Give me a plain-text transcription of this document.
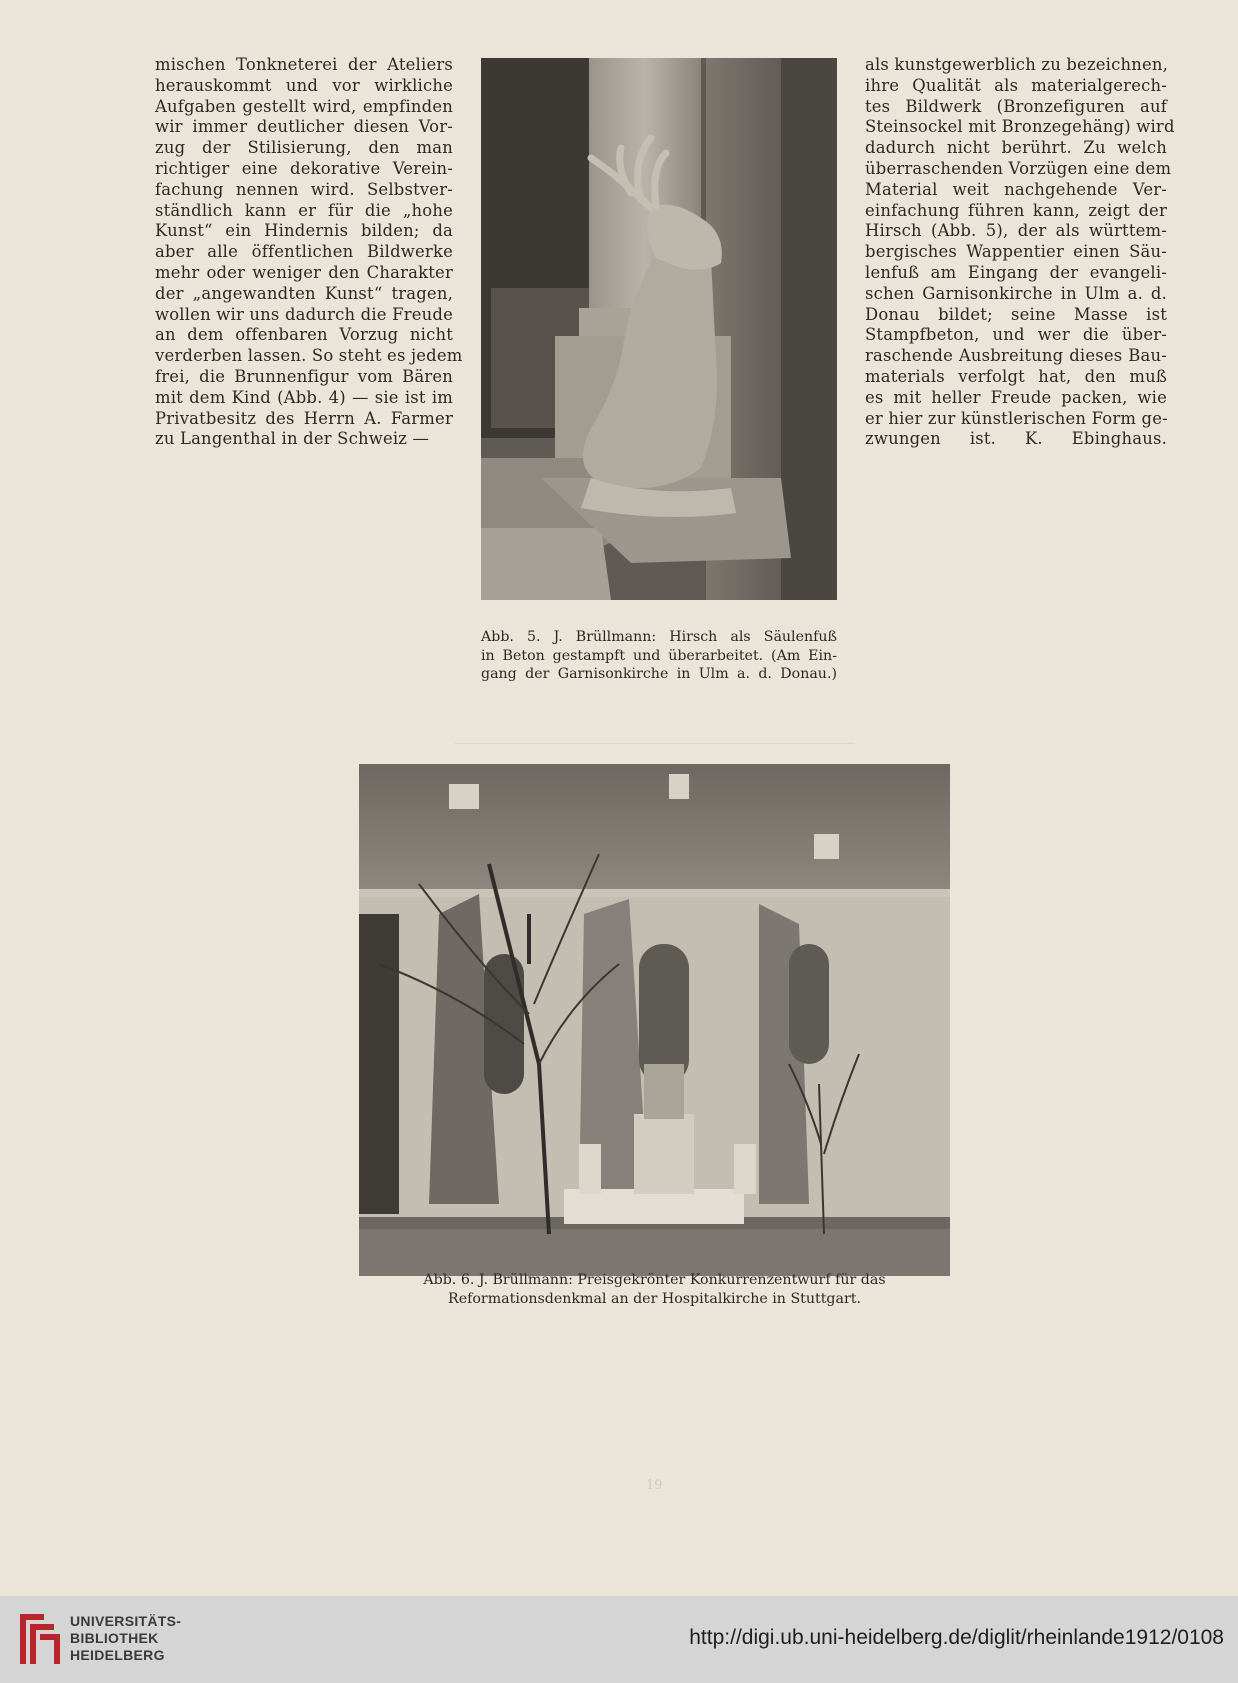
mischen Tonkneterei der Ateliers
herauskommt und vor wirkliche
Aufgaben gestellt wird, empfinden
wir immer deutlicher diesen Vor-
zug der Stilisierung, den man
richtiger eine dekorative Verein-
fachung nennen wird. Selbstver-
ständlich kann er für die „hohe
Kunst“ ein Hindernis bilden; da
aber alle öffentlichen Bildwerke
mehr oder weniger den Charakter
der „angewandten Kunst“ tragen,
wollen wir uns dadurch die Freude
an dem offenbaren Vorzug nicht
verderben lassen. So steht es jedem
frei, die Brunnenfigur vom Bären
mit dem Kind (Abb. 4) — sie ist im
Privatbesitz des Herrn A. Farmer
zu Langenthal in der Schweiz —
als kunstgewerblich zu bezeichnen,
ihre Qualität als materialgerech-
tes Bildwerk (Bronzefiguren auf
Steinsockel mit Bronzegehäng) wird
dadurch nicht berührt. Zu welch
überraschenden Vorzügen eine dem
Material weit nachgehende Ver-
einfachung führen kann, zeigt der
Hirsch (Abb. 5), der als württem-
bergisches Wappentier einen Säu-
lenfuß am Eingang der evangeli-
schen Garnisonkirche in Ulm a. d.
Donau bildet; seine Masse ist
Stampfbeton, und wer die über-
raschende Ausbreitung dieses Bau-
materials verfolgt hat, den muß
es mit heller Freude packen, wie
er hier zur künstlerischen Form ge-
zwungen ist. K. Ebinghaus.
Abb. 5. J. Brüllmann: Hirsch als Säulenfuß
in Beton gestampft und überarbeitet. (Am Ein-
gang der Garnisonkirche in Ulm a. d. Donau.)
Abb. 6. J. Brüllmann: Preisgekrönter Konkurrenzentwurf für das
Reformationsdenkmal an der Hospitalkirche in Stuttgart.
19
UNIVERSITÄTS-
BIBLIOTHEK
HEIDELBERG
http://digi.ub.uni-heidelberg.de/diglit/rheinlande1912/0108
